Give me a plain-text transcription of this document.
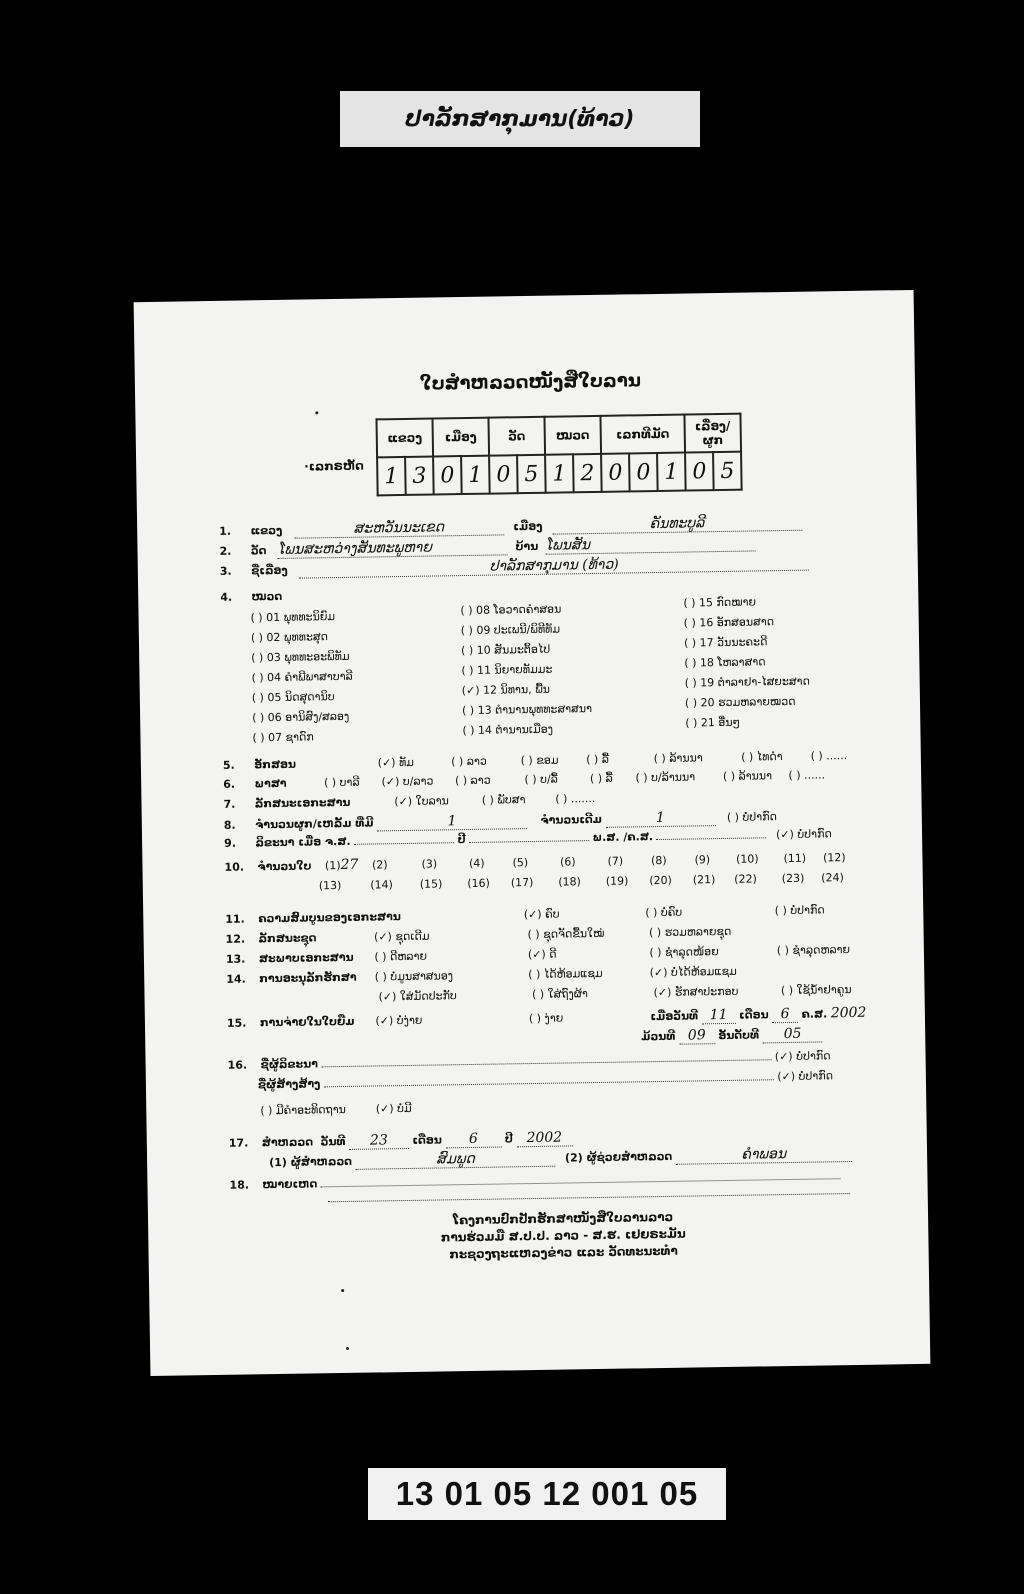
ປາລັກສາກຸມານ(ທ້າວ)
ໃບສຳຫລວດໜັງສືໃບລານ
·ເລກຣຫັດ
ແຂວງ		ເມືອງ		ວັດ		ໝວດ		ເລກທີມັດ			ເລື່ອງ/ຜູກ	
1	3	0	1	0	5	1	2	0	0	1	0	5
1. ແຂວງ	ສະຫວັນນະເຂດ	ເມືອງ	ຄັນທະບູລີ
2. ວັດ ໂພນສະຫວ່າງສັນທະພູຫາຍ	ບ້ານ ໂພນສັນ
3. ຊື່ເລື່ອງ	ປາລັກສາກຸມານ (ທ້າວ)
4. ໝວດ
( ) 01 ພຸທທະນິຍົມ
( ) 02 ພຸທທະສຸດ
( ) 03 ພຸທທະອະພິທັມ
( ) 04 ຄຳພີພາສາບາລີ
( ) 05 ນິດສຸດານິບ
( ) 06 ອານິສົງ/ສລອງ
( ) 07 ຊາດົກ
( ) 08 ໂອວາດຄຳສອນ
( ) 09 ປະເພນີ/ພິທີທັມ
( ) 10 ສັນມະຕິ້ອໄປ
( ) 11 ນິຍາຍທັມມະ
(✓) 12 ນິທານ, ພື້ນ
( ) 13 ຕຳນານພຸທທະສາສນາ
( ) 14 ຕຳນານເມືອງ
( ) 15 ກົດໝາຍ
( ) 16 ອັກສອນສາດ
( ) 17 ວັນນະຄະດີ
( ) 18 ໂຫລາສາດ
( ) 19 ຕຳລາຢາ-ໄສຍະສາດ
( ) 20 ຮວມຫລາຍໝວດ
( ) 21 ອື່ນໆ
5. ອັກສອນ	(✓) ທັມ	( ) ລາວ	( ) ຂອມ	( ) ລື້	( ) ລ້ານນາ	( ) ໄທດຳ	( ) ......
6. ພາສາ	( ) ບາລີ (✓) ບ/ລາວ ( ) ລາວ	( ) ບ/ລື້	( ) ລື້ ( ) ບ/ລ້ານນາ	( ) ລ້ານນາ ( ) ......
7. ລັກສນະເອກະສານ	(✓) ໃບລານ	( ) ພັບສາ	( ) .......
8. ຈຳນວນຜູກ/ເຫລັ້ມ ທີ່ມີ	1	ຈຳນວນເດີມ	1	( ) ບໍ່ປາກົດ
9. ລິຂະນາ ເມື່ອ ຈ.ສ.	ປີ	ພ.ສ. /ຄ.ສ.	(✓) ບໍ່ປາກົດ
10. ຈຳນວນໃບ (1)27 (2)	(3)	(4)	(5)	(6)	(7)	(8)	(9) (10) (11) (12)
(13)	(14) (15) (16) (17) (18) (19) (20) (21) (22) (23) (24)
11. ຄວາມສົມບູນຂອງເອກະສານ	(✓) ຄົບ	( ) ບໍ່ຄົບ	( ) ບໍ່ປາກົດ
12. ລັກສນະຊຸດ	(✓) ຊຸດເດີມ	( ) ຊຸດຈັດຂື້ນໃໝ່	( ) ຮວມຫລາຍຊຸດ
13. ສະພາບເອກະສານ ( ) ດີຫລາຍ	(✓) ດີ	( ) ຊຳລຸດໜ້ອຍ	( ) ຊຳລຸດຫລາຍ
14. ການອະນຸລັກຮັກສາ ( ) ບໍ່ມູນສາສນອງ	( ) ໄດ້ຫ້ອມແຊມ	(✓) ບໍ່ໄດ້ຫ້ອມແຊມ
(✓) ໃສ່ມັດປະກັບ	( ) ໃສ່ຖົງຜ້າ	(✓) ຮັກສາປະກອບ	( ) ໃຊ້ນ້ຳຢາຄູນ
15. ການຈ່າຍໃນໃບຍືມ (✓) ບໍ່ງ່າຍ	( ) ງ່າຍ	ເມື່ອວັນທີ 11 ເດືອນ 6 ຄ.ສ. 2002
ມ້ວນທີ 09 ອັນດັບທີ 05
16. ຊື່ຜູ້ລິຂະນາ  (✓) ບໍ່ປາກົດ
ຊື່ຜູ້ສ້າງສ້າງ  (✓) ບໍ່ປາກົດ
( ) ມີຄຳອະທິດຖານ	(✓) ບໍ່ມີ
17. ສຳຫລວດ ວັນທີ 23 ເດືອນ 6 ປີ 2002
(1) ຜູ້ສຳຫລວດ	ສົມພູດ	(2) ຜູ້ຊ່ວຍສຳຫລວດ	ຄຳພອນ
18. ໝາຍເຫດ
ໂຄງການປົກປັກຮັກສາໜັງສືໃບລານລາວ
ການຮ່ວມມື ສ.ປ.ປ. ລາວ - ສ.ຮ. ເຢຍຣະມັນ
ກະຊວງຖະແຫລງຂ່າວ ແລະ ວັດທະນະທຳ
13 01 05 12 001 05
